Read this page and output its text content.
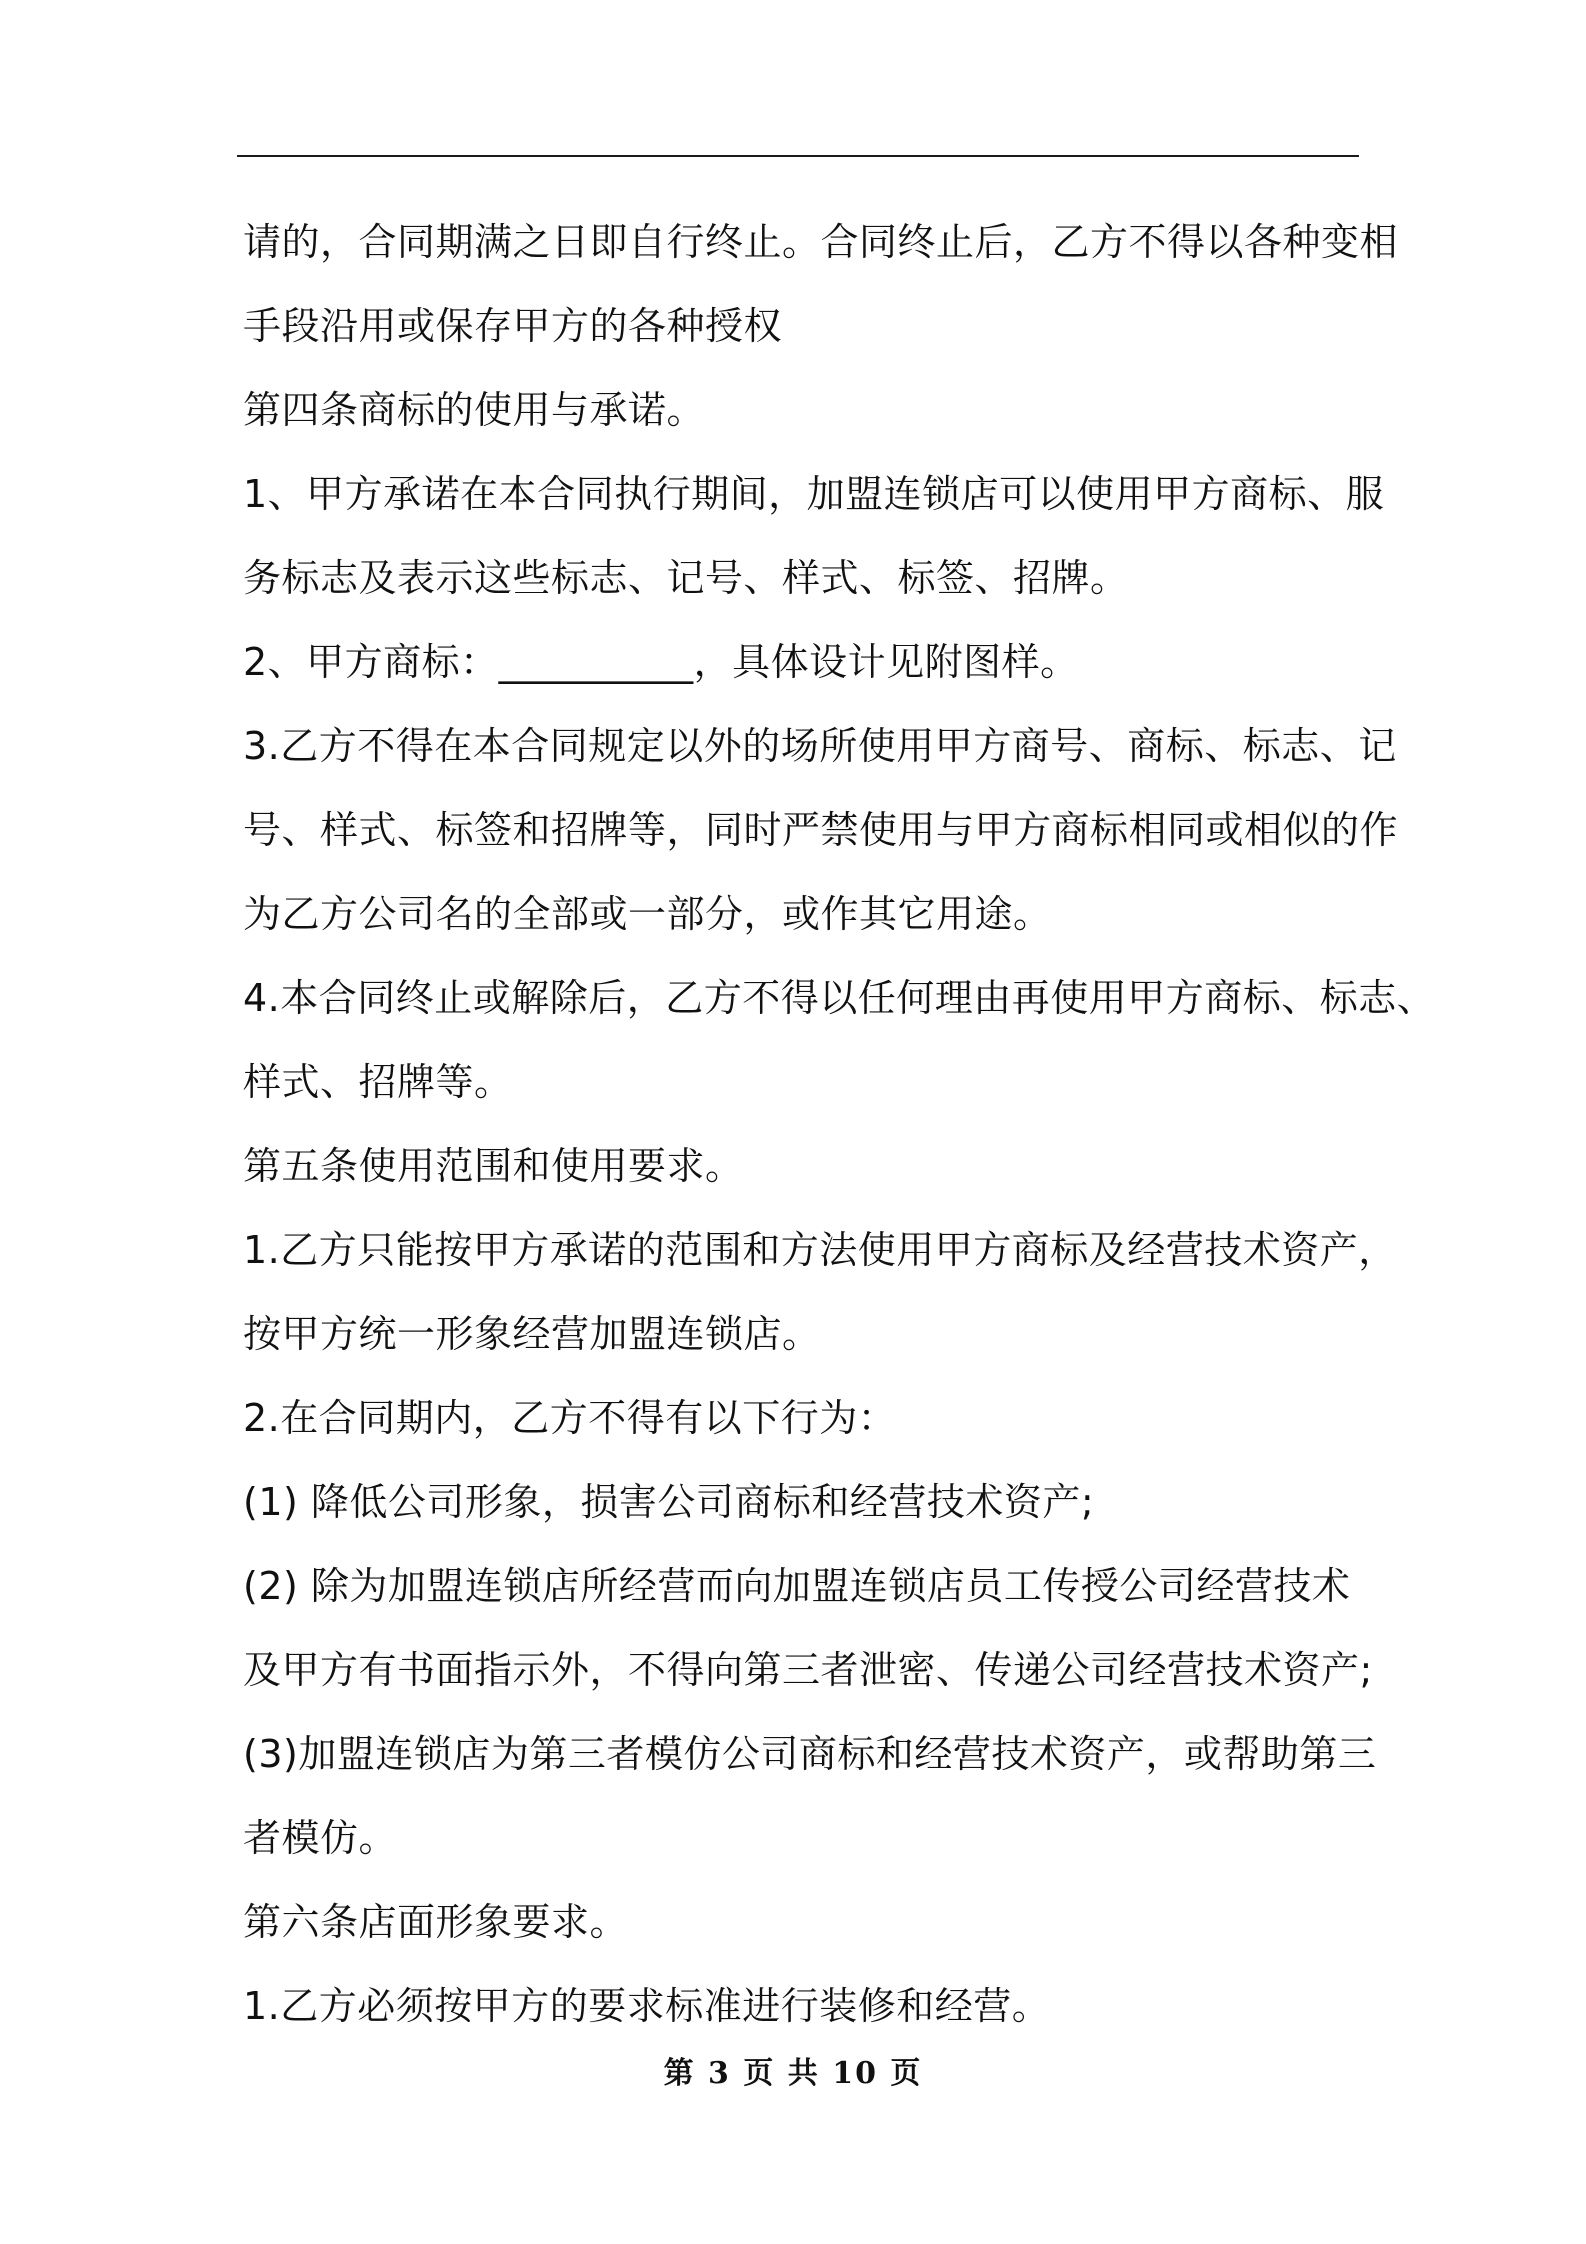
请的，合同期满之日即自行终止。合同终止后，乙方不得以各种变相
手段沿用或保存甲方的各种授权
第四条商标的使用与承诺。
1、甲方承诺在本合同执行期间，加盟连锁店可以使用甲方商标、服
务标志及表示这些标志、记号、样式、标签、招牌。
2、甲方商标：__________，具体设计见附图样。
3.乙方不得在本合同规定以外的场所使用甲方商号、商标、标志、记
号、样式、标签和招牌等，同时严禁使用与甲方商标相同或相似的作
为乙方公司名的全部或一部分，或作其它用途。
4.本合同终止或解除后，乙方不得以任何理由再使用甲方商标、标志、
样式、招牌等。
第五条使用范围和使用要求。
1.乙方只能按甲方承诺的范围和方法使用甲方商标及经营技术资产，
按甲方统一形象经营加盟连锁店。
2.在合同期内，乙方不得有以下行为：
(1) 降低公司形象，损害公司商标和经营技术资产;
(2) 除为加盟连锁店所经营而向加盟连锁店员工传授公司经营技术
及甲方有书面指示外，不得向第三者泄密、传递公司经营技术资产;
(3)加盟连锁店为第三者模仿公司商标和经营技术资产，或帮助第三
者模仿。
第六条店面形象要求。
1.乙方必须按甲方的要求标准进行装修和经营。
第 3 页 共 10 页
